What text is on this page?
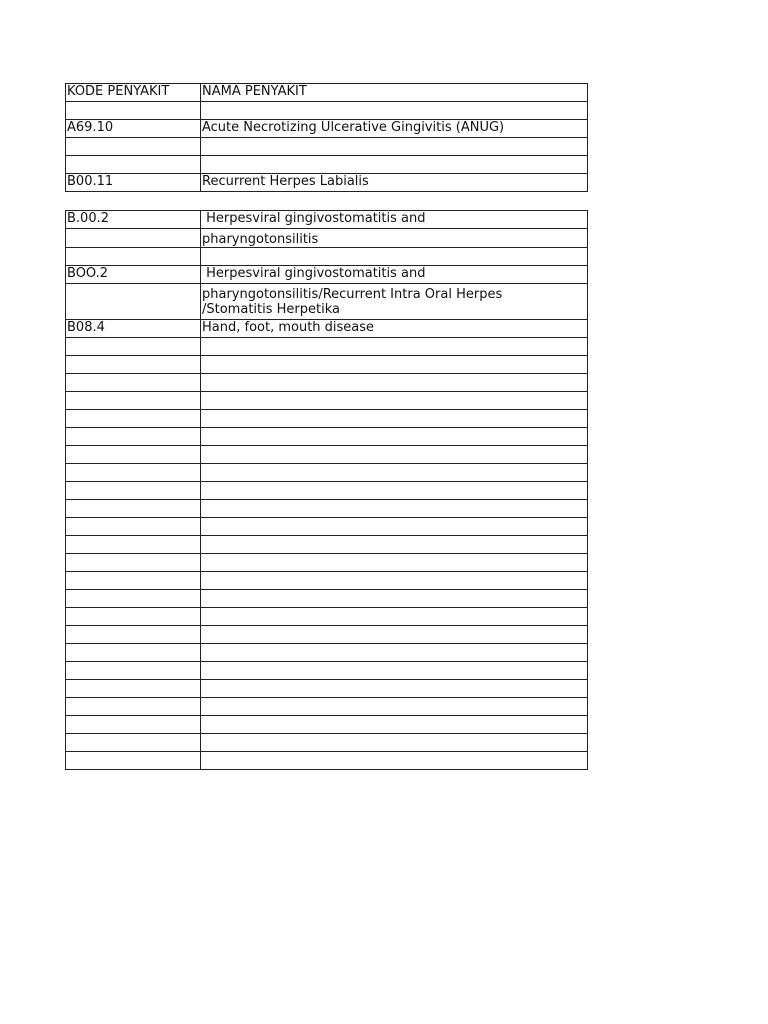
KODE PENYAKIT	NAMA PENYAKIT

A69.10	Acute Necrotizing Ulcerative Gingivitis (ANUG)

B00.11	Recurrent Herpes Labialis
B.00.2	Herpesviral gingivostomatitis and
	pharyngotonsilitis

BOO.2	Herpesviral gingivostomatitis and

	pharyngotonsilitis/Recurrent Intra Oral Herpes
/Stomatitis Herpetika

B08.4	Hand, foot, mouth disease
